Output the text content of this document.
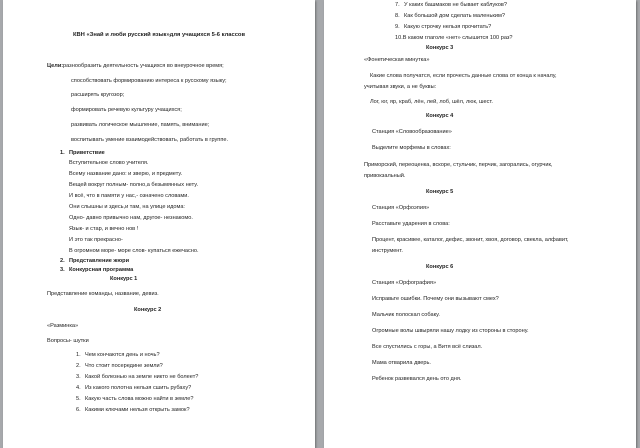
КВН «Знай и люби русский язык»для учащихся 5-6 классов
Цели: разнообразить деятельность учащихся во внеурочное время;
способствовать формированию интереса к русскому языку;
расширять кругозор;
формировать речевую культуру учащихся;
развивать логическое мышление, память, внимание;
воспитывать умение взаимодействовать, работать в группе.
1. Приветствие
Вступительное слово учителя.
Всему название дано: и зверю, и предмету.
Вещей вокруг полным- полно,а безымянных нету.
И всё, что в памяти у нас,- означено словами.
Они слышны и здесь,и там, на улице идома:
Одно- давно привычно нам, другое- незнакомо.
Язык- и стар, и вечно нов !
И это так прекрасно-
В огромном море- море слов- купаться ежечасно.
2. Представление жюри
3. Конкурсная программа
Конкурс 1
Представление команды, название, девиз.
Конкурс 2
«Разминка»
Вопросы- шутки
1. Чем кончаются день и ночь?
2. Что стоит посередине земли?
3. Какой болезнью на земле никто не болеет?
4. Из какого полотна нельзя сшить рубаху?
5. Какую часть слова можно найти в земле?
6. Какими ключами нельзя открыть замок?
7. У каких башмаков не бывает каблуков?
8. Как большой дом сделать маленьким?
9. Какую строчку нельзя прочитать?
10.В каком глаголе «нет» слышится 100 раз?
Конкурс 3
«Фонетическая минутка»
Какие слова получатся, если прочесть данные слова от конца к началу,
учитывая звуки, а не буквы:
Лог, юг, яр, краб, лён, лей, лоб, шёл, люк, шест.
Конкурс 4
Станция «Словообразование»
Выделите морфемы в словах:
Приморский, переоценка, вскоре, стульчик, перчик, загорались, огурчик,
привокзальный.
Конкурс 5
Станция «Орфоэпия»
Расставьте ударения в слова:
Процент, красивее, каталог, дефис, звонит, хвоя, договор, свекла, алфавит,
инструмент.
Конкурс 6
Станция «Орфография»
Исправьте ошибки. Почему они вызывают смех?
Мальчик полоскал собаку.
Огромные волы швыряли нашу лодку из стороны в сторону.
Все спустились с горы, а Витя всё слизал.
Мама отварила дверь.
Ребенок развевался день ото дня.
